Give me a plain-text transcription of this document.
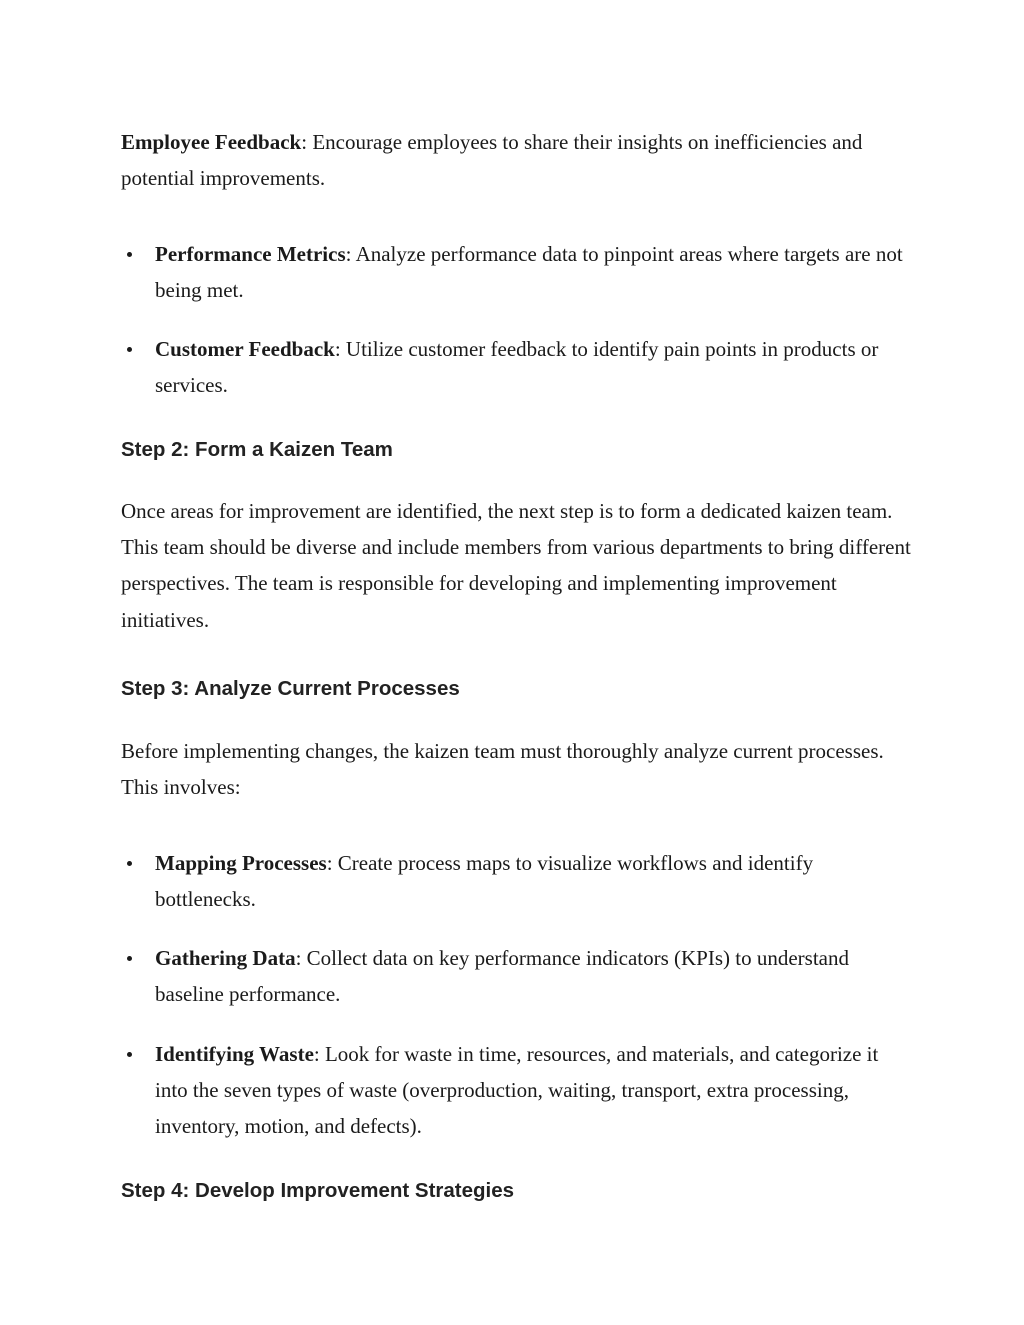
Employee Feedback: Encourage employees to share their insights on inefficiencies and potential improvements.

Performance Metrics: Analyze performance data to pinpoint areas where targets are not being met.
Customer Feedback: Utilize customer feedback to identify pain points in products or services.
Step 2: Form a Kaizen Team

Once areas for improvement are identified, the next step is to form a dedicated kaizen team. This team should be diverse and include members from various departments to bring different perspectives. The team is responsible for developing and implementing improvement initiatives.

Step 3: Analyze Current Processes

Before implementing changes, the kaizen team must thoroughly analyze current processes. This involves:

Mapping Processes: Create process maps to visualize workflows and identify bottlenecks.
Gathering Data: Collect data on key performance indicators (KPIs) to understand baseline performance.
Identifying Waste: Look for waste in time, resources, and materials, and categorize it into the seven types of waste (overproduction, waiting, transport, extra processing, inventory, motion, and defects).
Step 4: Develop Improvement Strategies
